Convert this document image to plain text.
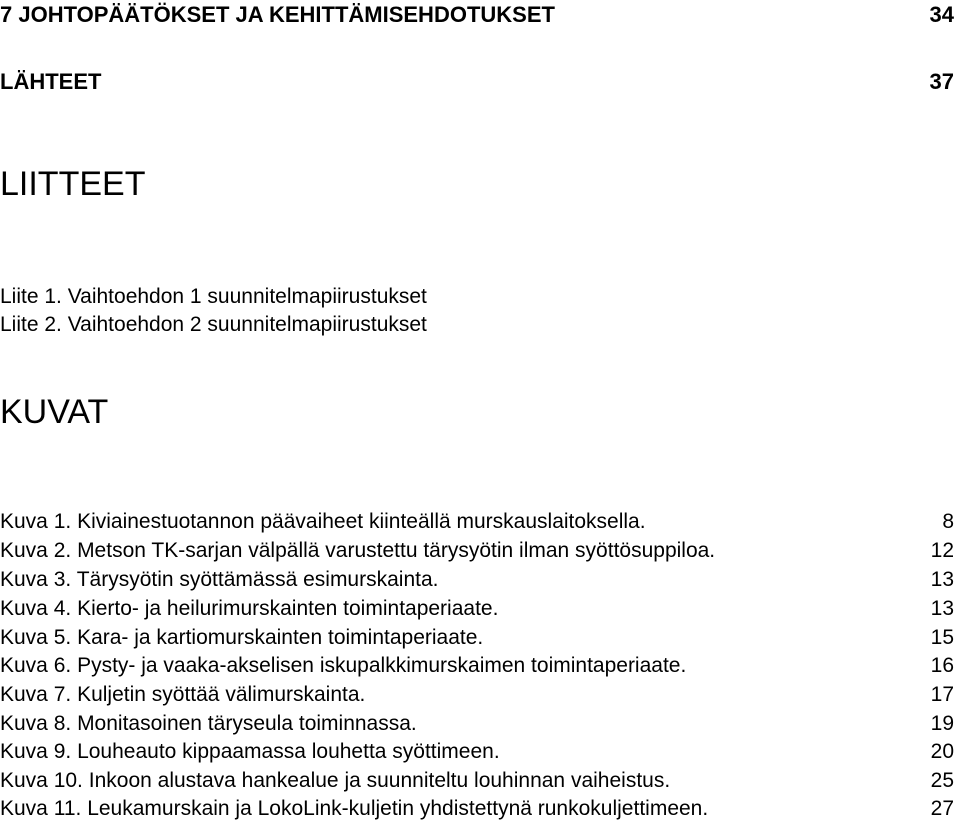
7 JOHTOPÄÄTÖKSET JA KEHITTÄMISEHDOTUKSET	34
LÄHTEET	37
LIITTEET
Liite 1. Vaihtoehdon 1 suunnitelmapiirustukset
Liite 2. Vaihtoehdon 2 suunnitelmapiirustukset
KUVAT
Kuva 1. Kiviainestuotannon päävaiheet kiinteällä murskauslaitoksella.	8
Kuva 2. Metson TK-sarjan välpällä varustettu tärysyötin ilman syöttösuppiloa.	12
Kuva 3. Tärysyötin syöttämässä esimurskainta.	13
Kuva 4. Kierto- ja heilurimurskainten toimintaperiaate.	13
Kuva 5. Kara- ja kartiomurskainten toimintaperiaate.	15
Kuva 6. Pysty- ja vaaka-akselisen iskupalkkimurskaimen toimintaperiaate.	16
Kuva 7. Kuljetin syöttää välimurskainta.	17
Kuva 8. Monitasoinen täryseula toiminnassa.	19
Kuva 9. Louheauto kippaamassa louhetta syöttimeen.	20
Kuva 10. Inkoon alustava hankealue ja suunniteltu louhinnan vaiheistus.	25
Kuva 11. Leukamurskain ja LokoLink-kuljetin yhdistettynä runkokuljettimeen.	27
